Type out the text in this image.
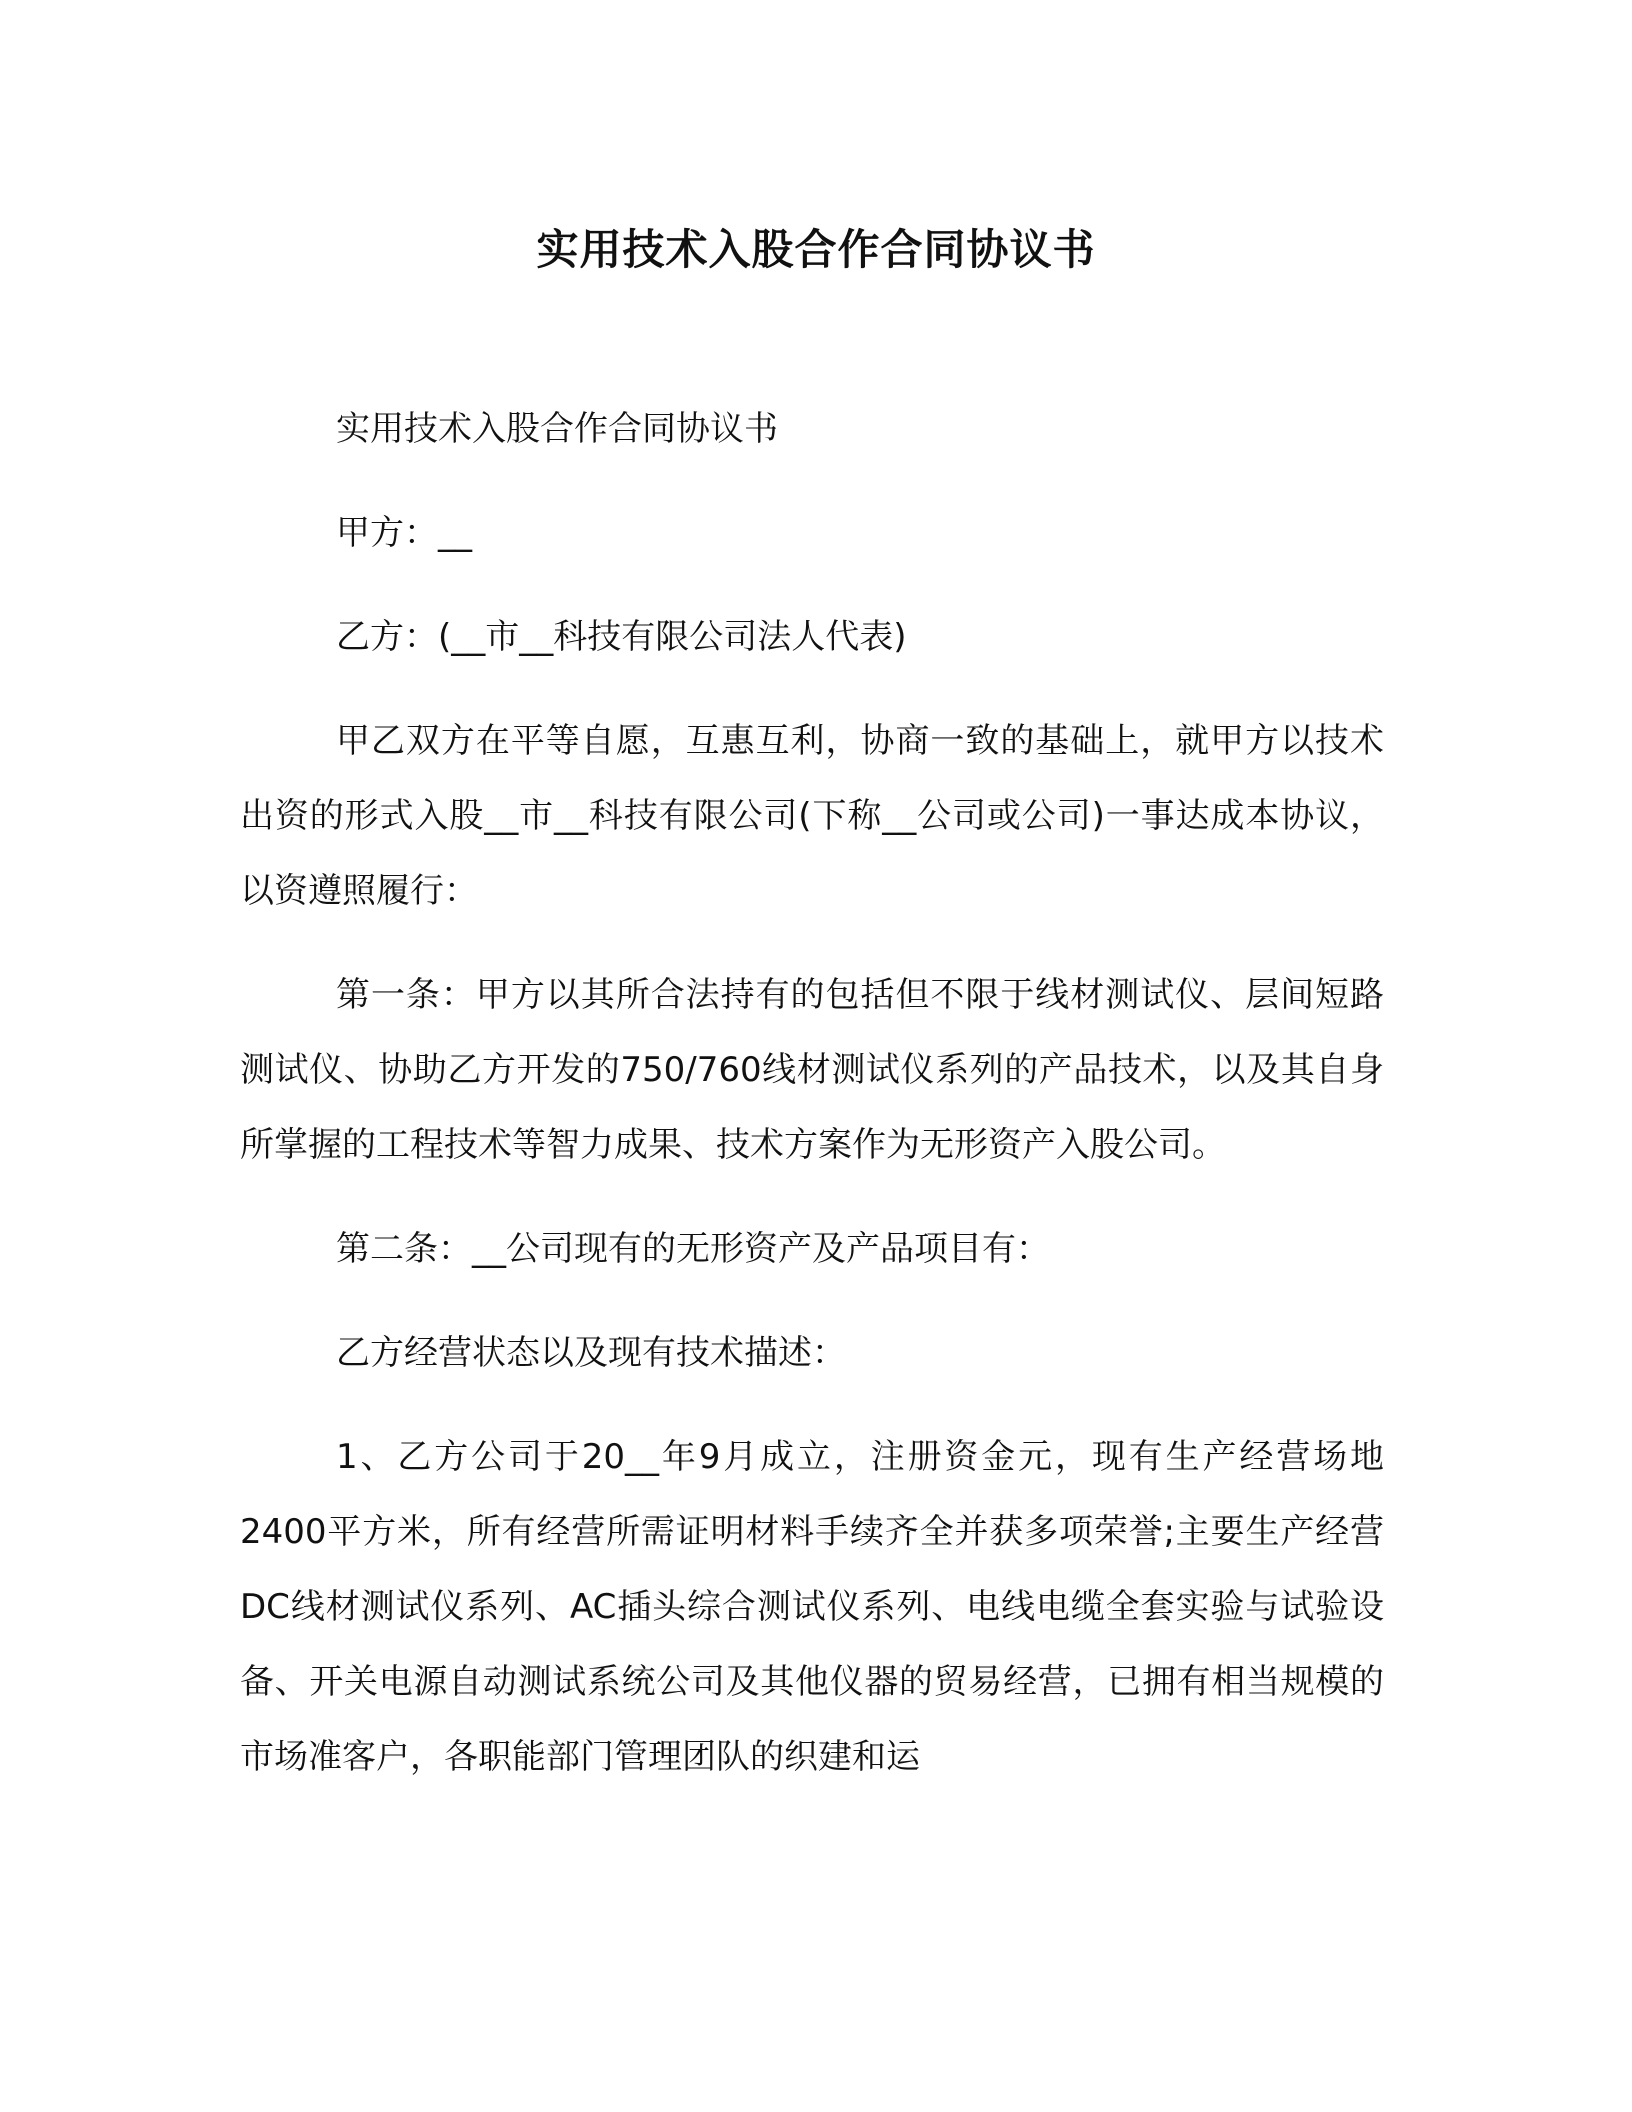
实用技术入股合作合同协议书

实用技术入股合作合同协议书

甲方：__

乙方：(__市__科技有限公司法人代表)

甲乙双方在平等自愿，互惠互利，协商一致的基础上，就甲方以技术出资的形式入股__市__科技有限公司(下称__公司或公司)一事达成本协议，以资遵照履行：

第一条：甲方以其所合法持有的包括但不限于线材测试仪、层间短路测试仪、协助乙方开发的750/760线材测试仪系列的产品技术，以及其自身所掌握的工程技术等智力成果、技术方案作为无形资产入股公司。

第二条：__公司现有的无形资产及产品项目有：

乙方经营状态以及现有技术描述：

1、乙方公司于20__年9月成立，注册资金元，现有生产经营场地2400平方米，所有经营所需证明材料手续齐全并获多项荣誉;主要生产经营DC线材测试仪系列、AC插头综合测试仪系列、电线电缆全套实验与试验设备、开关电源自动测试系统公司及其他仪器的贸易经营，已拥有相当规模的市场准客户，各职能部门管理团队的织建和运
